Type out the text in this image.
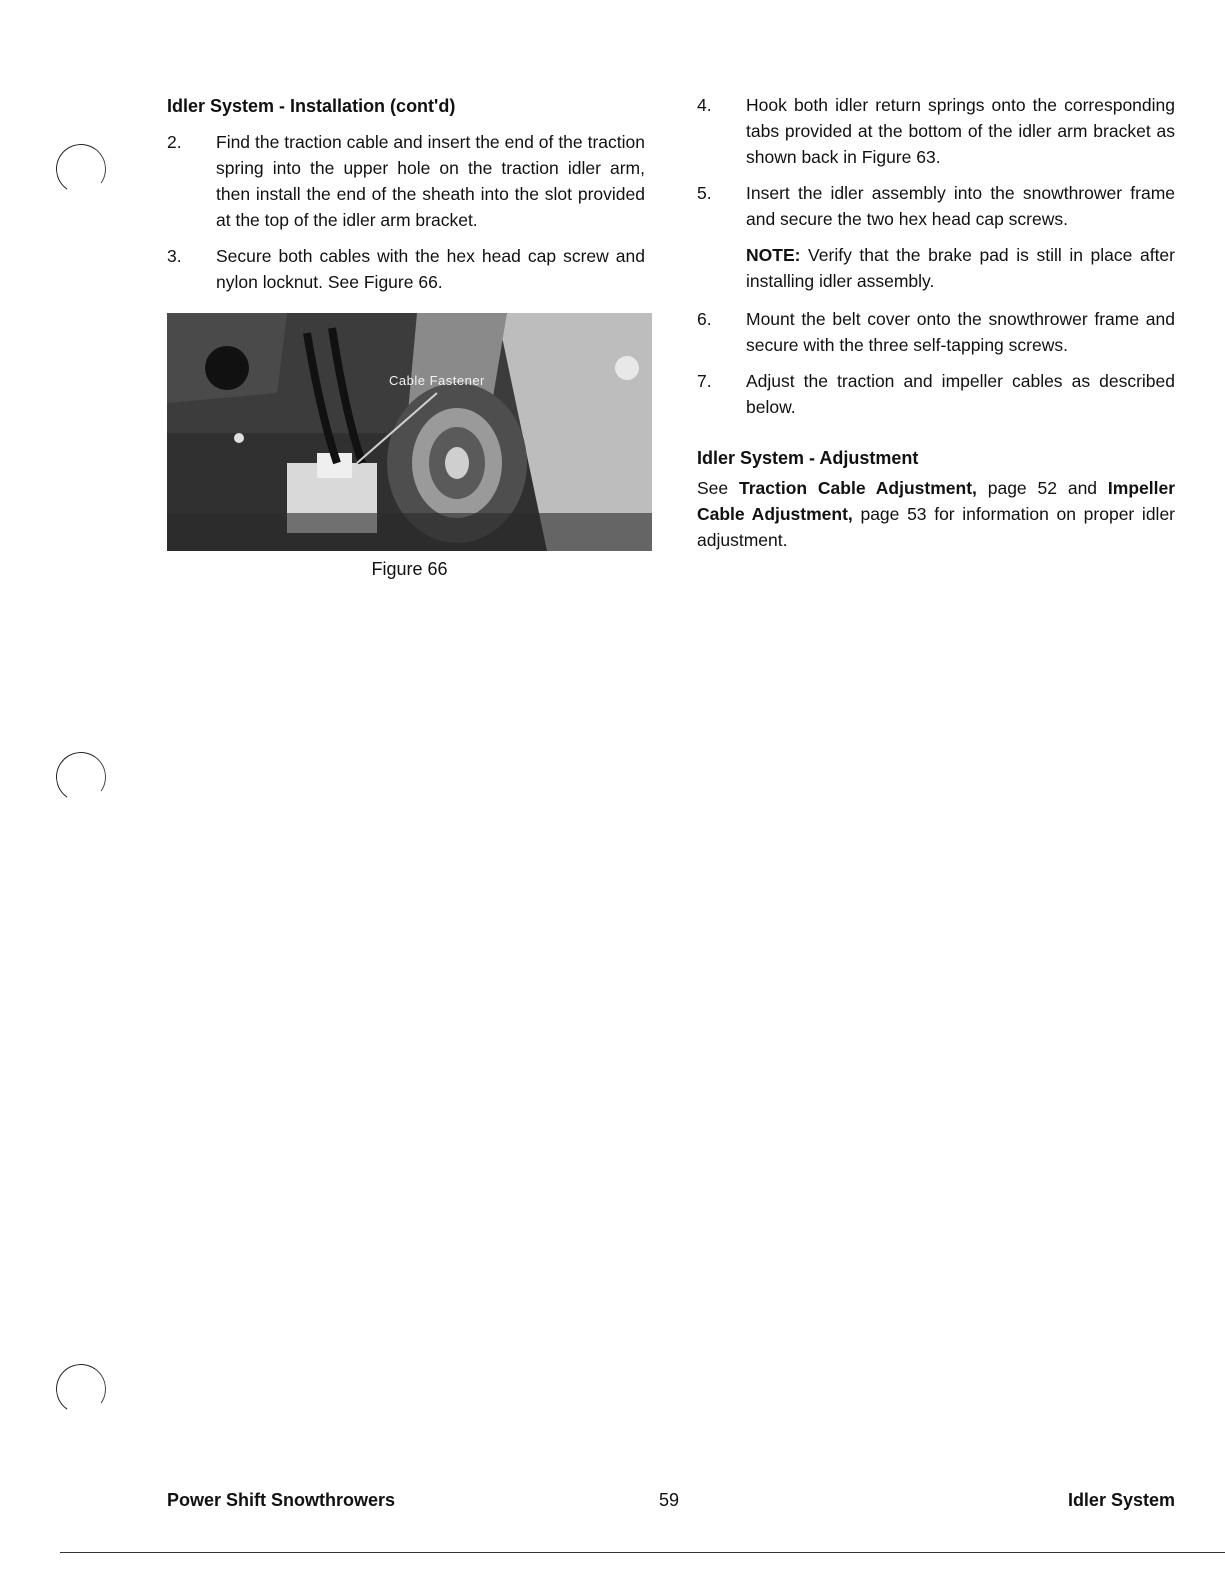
Idler System - Installation (cont'd)
2. Find the traction cable and insert the end of the traction spring into the upper hole on the traction idler arm, then install the end of the sheath into the slot provided at the top of the idler arm bracket.
3. Secure both cables with the hex head cap screw and nylon locknut. See Figure 66.
Cable Fastener
Figure 66
4. Hook both idler return springs onto the corresponding tabs provided at the bottom of the idler arm bracket as shown back in Figure 63.
5. Insert the idler assembly into the snowthrower frame and secure the two hex head cap screws.
NOTE: Verify that the brake pad is still in place after installing idler assembly.
6. Mount the belt cover onto the snowthrower frame and secure with the three self-tapping screws.
7. Adjust the traction and impeller cables as described below.
Idler System - Adjustment

See Traction Cable Adjustment, page 52 and Impeller Cable Adjustment, page 53 for information on proper idler adjustment.

Power Shift Snowthrowers	59	Idler System
